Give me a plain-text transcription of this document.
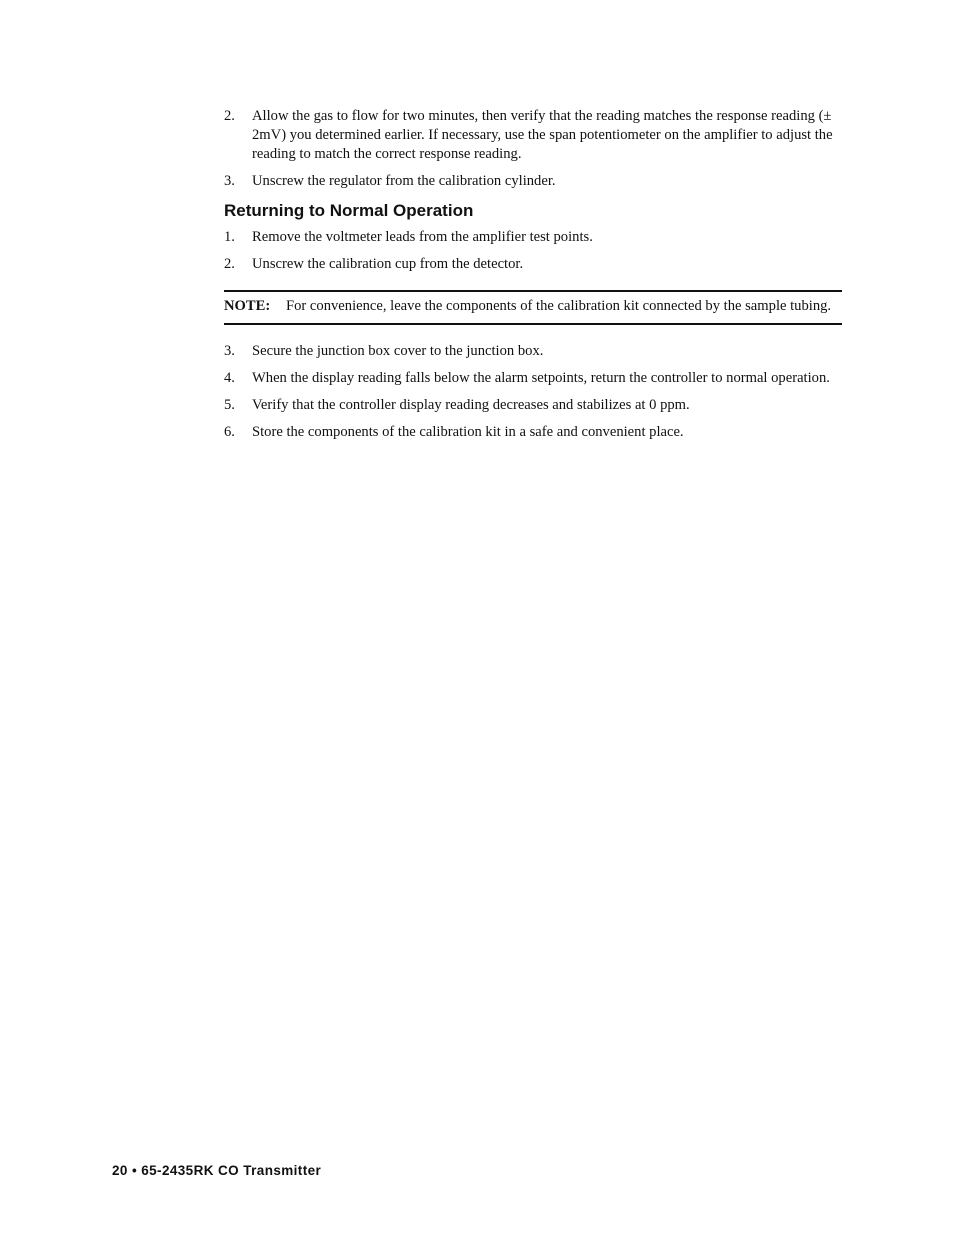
2.	Allow the gas to flow for two minutes, then verify that the reading matches the response reading (± 2mV) you determined earlier. If necessary, use the span potentiometer on the amplifier to adjust the reading to match the correct response reading.
3.	Unscrew the regulator from the calibration cylinder.
Returning to Normal Operation
1.	Remove the voltmeter leads from the amplifier test points.
2.	Unscrew the calibration cup from the detector.
NOTE:	For convenience, leave the components of the calibration kit connected by the sample tubing.
3.	Secure the junction box cover to the junction box.
4.	When the display reading falls below the alarm setpoints, return the controller to normal operation.
5.	Verify that the controller display reading decreases and stabilizes at 0 ppm.
6.	Store the components of the calibration kit in a safe and convenient place.
20 • 65-2435RK CO Transmitter
